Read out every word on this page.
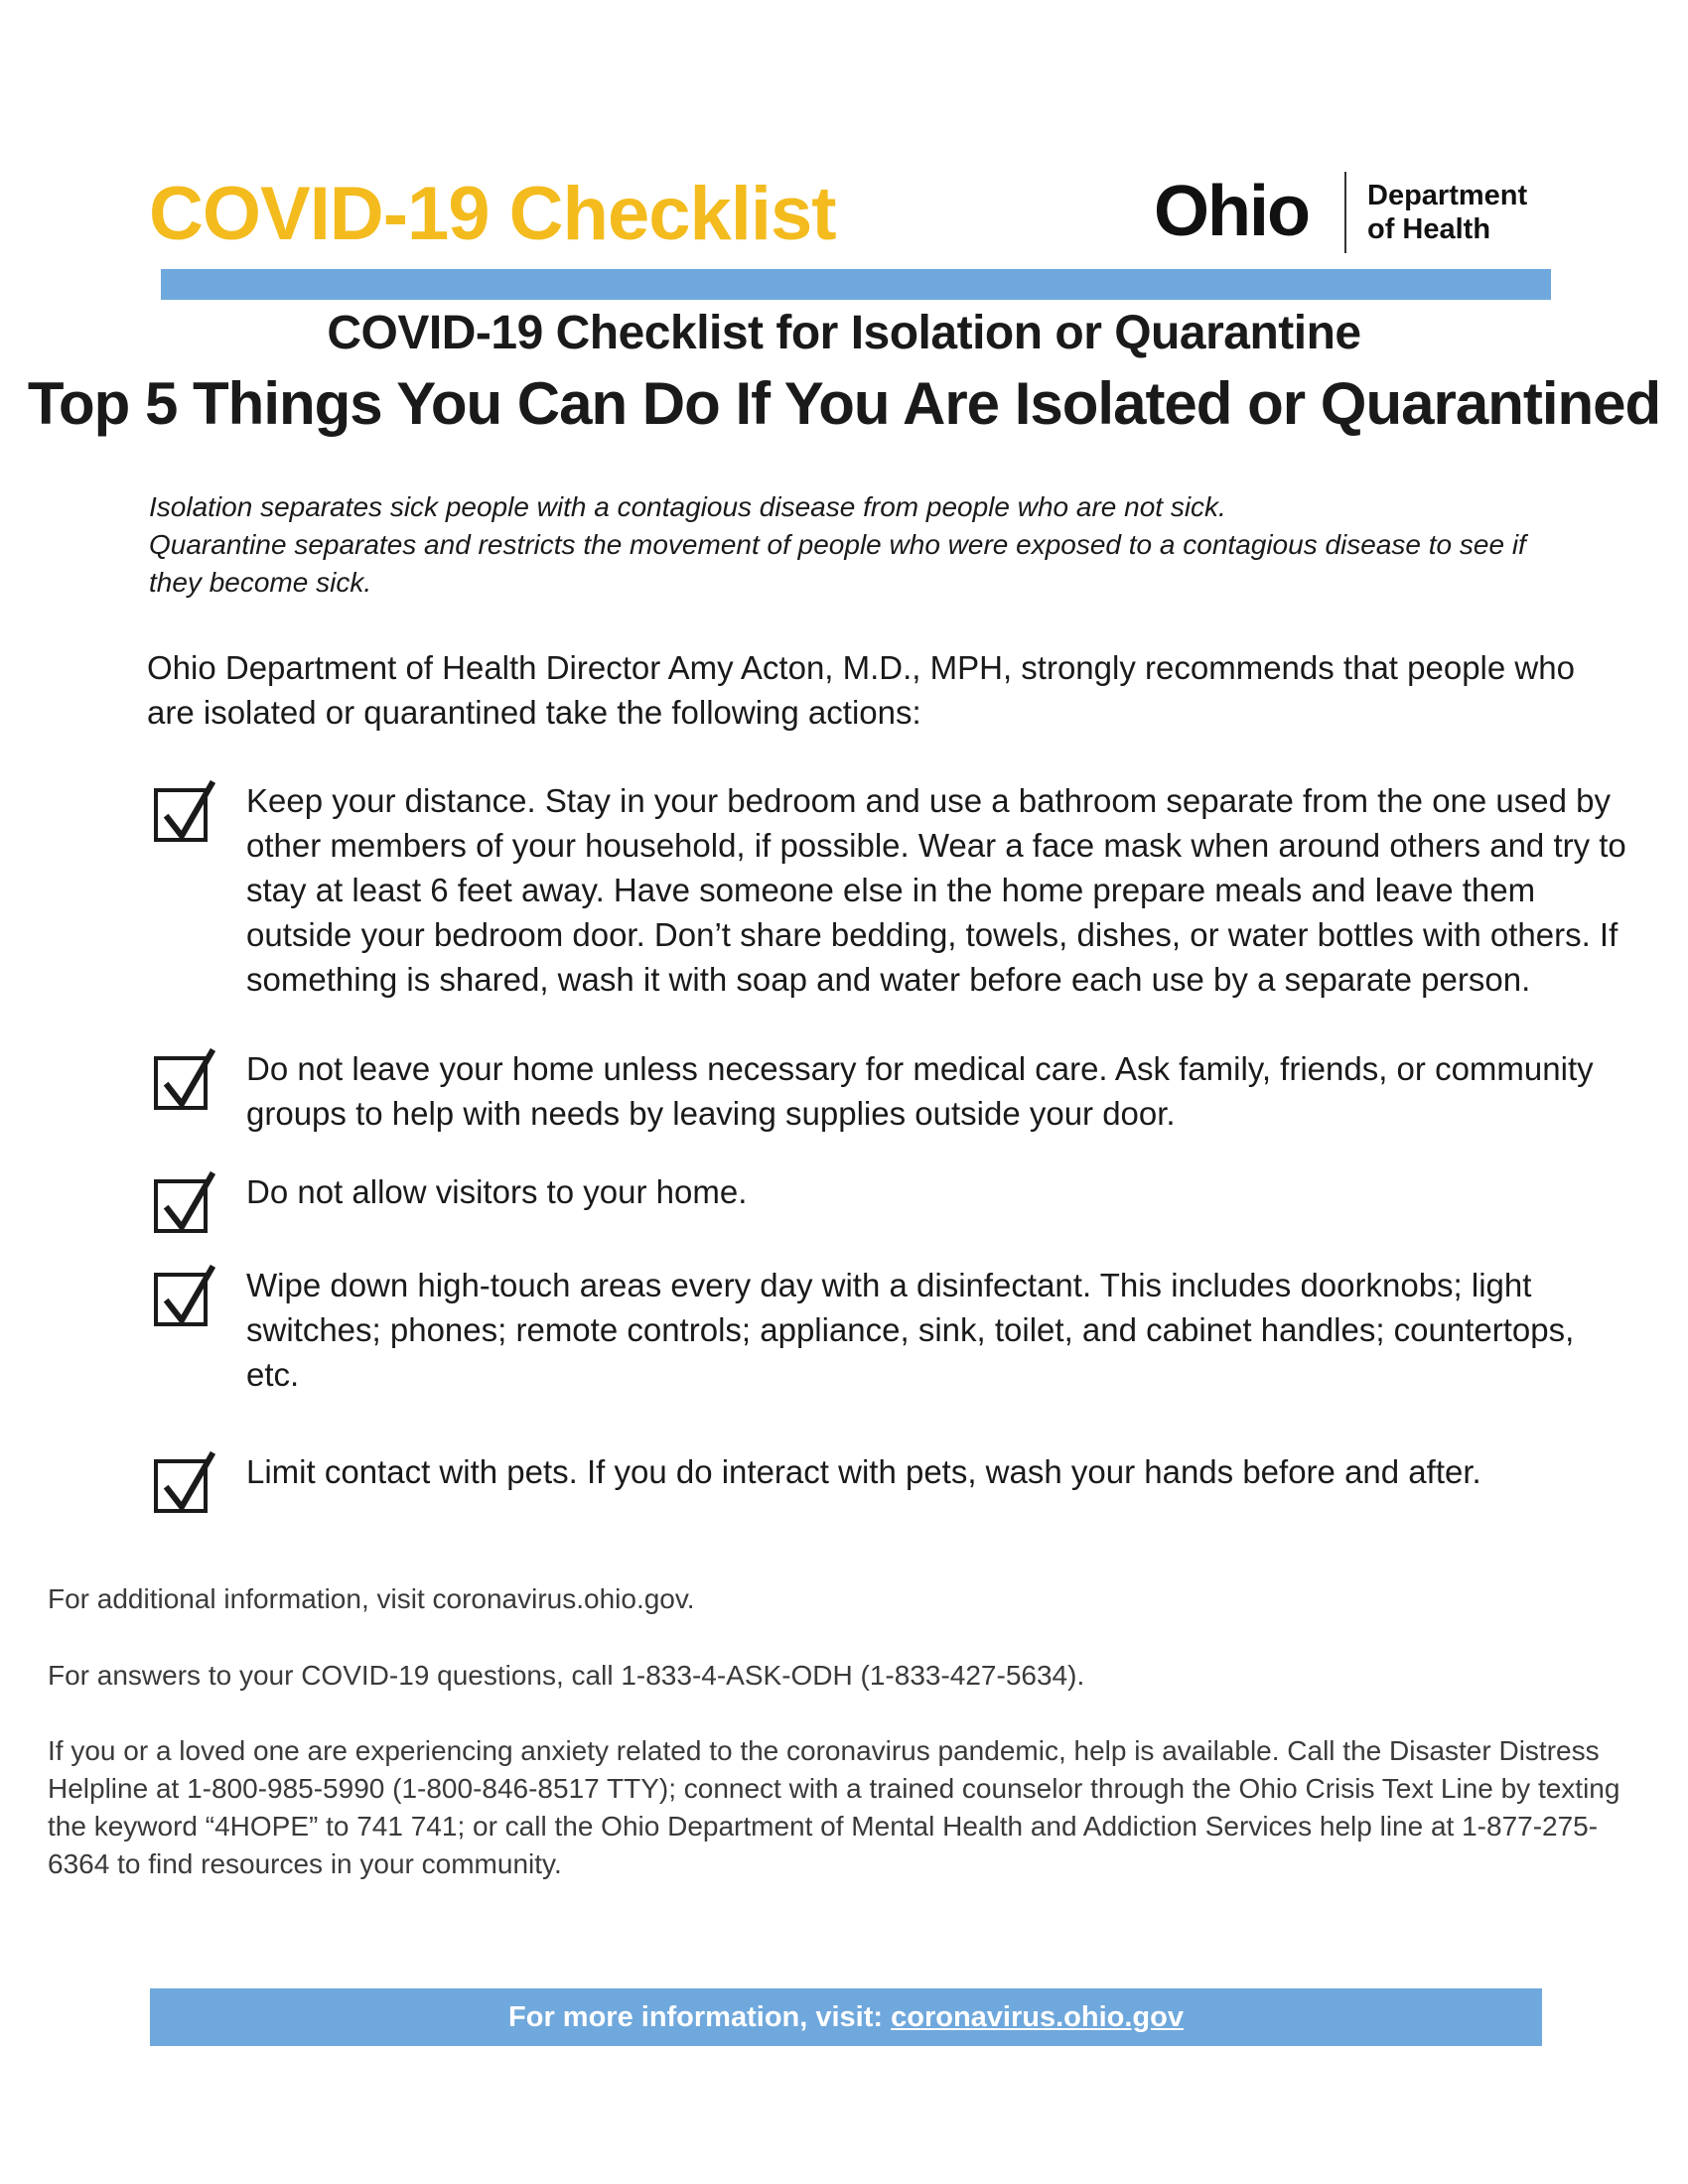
COVID-19 Checklist	Ohio Department
of Health
COVID-19 Checklist for Isolation or Quarantine
Top 5 Things You Can Do If You Are Isolated or Quarantined

Isolation separates sick people with a contagious disease from people who are not sick.

Quarantine separates and restricts the movement of people who were exposed to a contagious disease to see if they become sick.

Ohio Department of Health Director Amy Acton, M.D., MPH, strongly recommends that people who are isolated or quarantined take the following actions:

Keep your distance. Stay in your bedroom and use a bathroom separate from the one used by other members of your household, if possible. Wear a face mask when around others and try to stay at least 6 feet away. Have someone else in the home prepare meals and leave them outside your bedroom door. Don’t share bedding, towels, dishes, or water bottles with others. If something is shared, wash it with soap and water before each use by a separate person.

Do not leave your home unless necessary for medical care. Ask family, friends, or community groups to help with needs by leaving supplies outside your door.

Do not allow visitors to your home.

Wipe down high-touch areas every day with a disinfectant. This includes doorknobs; light switches; phones; remote controls; appliance, sink, toilet, and cabinet handles; countertops, etc.

Limit contact with pets. If you do interact with pets, wash your hands before and after.

For additional information, visit coronavirus.ohio.gov.

For answers to your COVID-19 questions, call 1-833-4-ASK-ODH (1-833-427-5634).

If you or a loved one are experiencing anxiety related to the coronavirus pandemic, help is available. Call the Disaster Distress Helpline at 1-800-985-5990 (1-800-846-8517 TTY); connect with a trained counselor through the Ohio Crisis Text Line by texting the keyword “4HOPE” to 741 741; or call the Ohio Department of Mental Health and Addiction Services help line at 1-877-275-6364 to find resources in your community.

For more information, visit: coronavirus.ohio.gov
